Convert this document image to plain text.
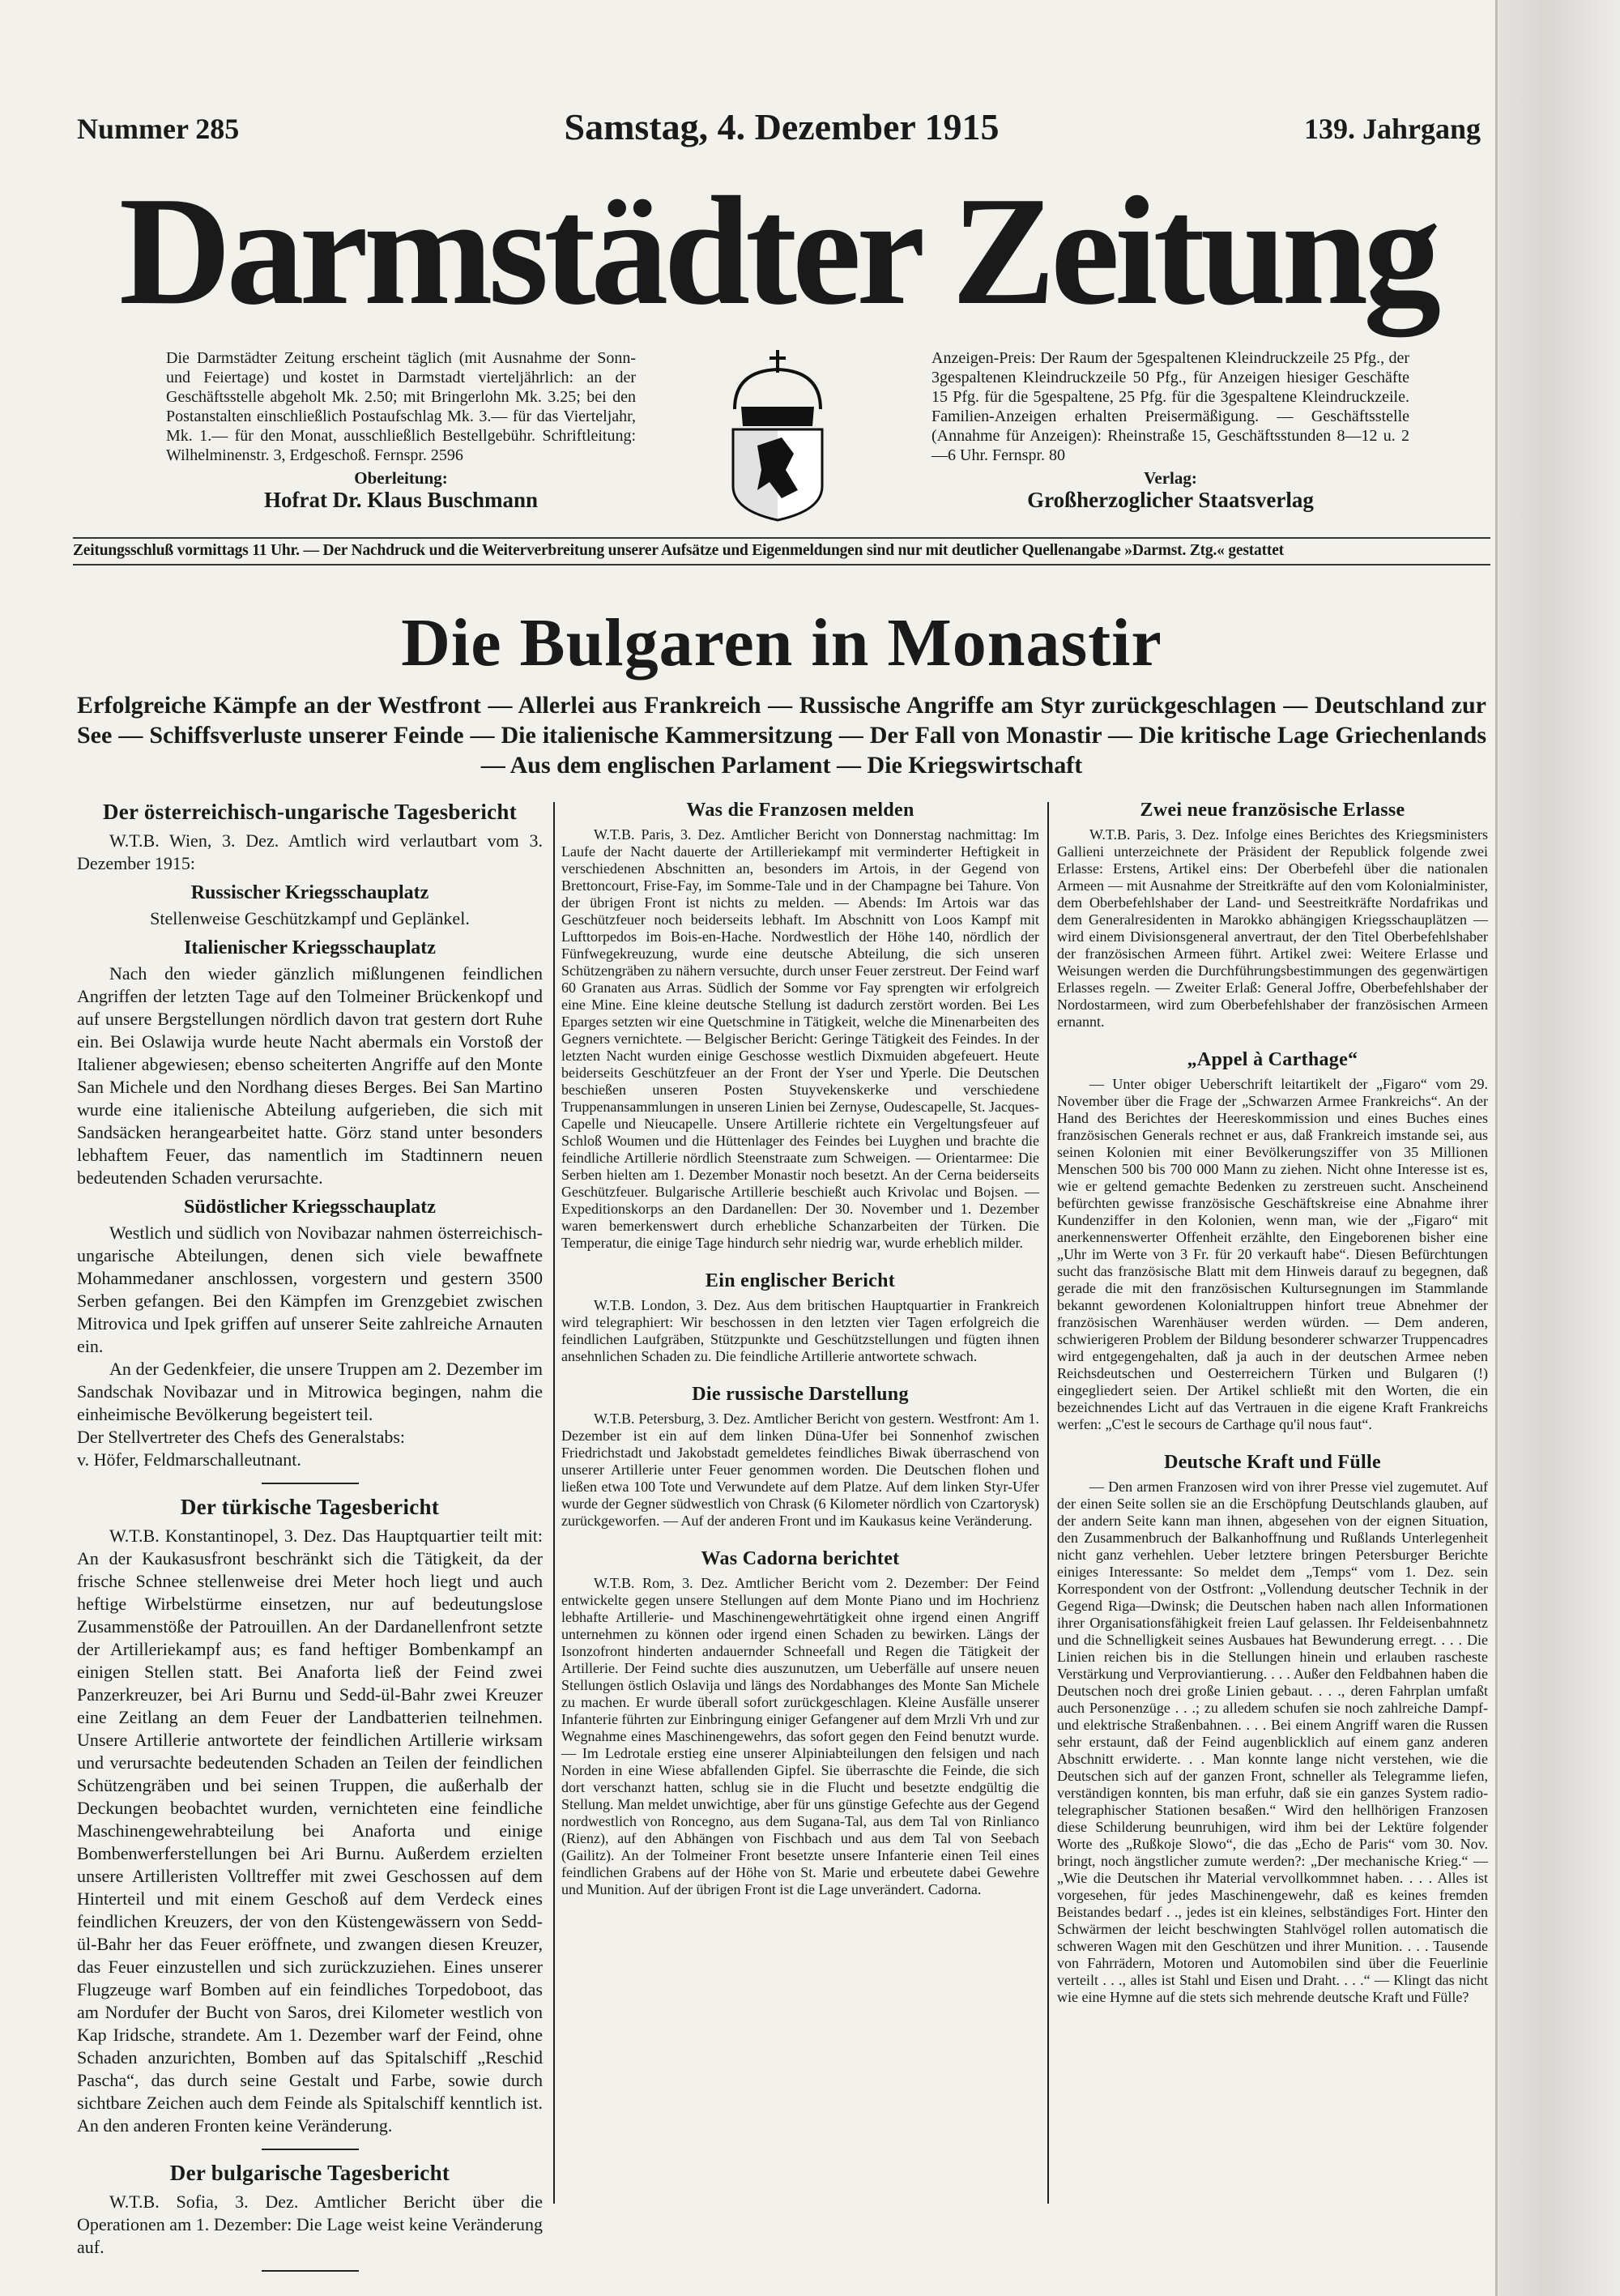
Nummer 285	Samstag, 4. Dezember 1915	139. Jahrgang
Darmstädter Zeitung
Die Darmstädter Zeitung erscheint täglich (mit Ausnahme der Sonn- und Feiertage) und kostet in Darmstadt vierteljährlich: an der Geschäftsstelle abgeholt Mk. 2.50; mit Bringerlohn Mk. 3.25; bei den Postanstalten einschließlich Postaufschlag Mk. 3.— für das Vierteljahr, Mk. 1.— für den Monat, ausschließlich Bestellgebühr. Schriftleitung: Wilhelminenstr. 3, Erdgeschoß. Fernspr. 2596
Oberleitung:
Hofrat Dr. Klaus Buschmann
Anzeigen-Preis: Der Raum der 5gespaltenen Kleindruckzeile 25 Pfg., der 3gespaltenen Kleindruckzeile 50 Pfg., für Anzeigen hiesiger Geschäfte 15 Pfg. für die 5gespaltene, 25 Pfg. für die 3gespaltene Kleindruckzeile. Familien-Anzeigen erhalten Preisermäßigung. — Geschäftsstelle (Annahme für Anzeigen): Rheinstraße 15, Geschäftsstunden 8—12 u. 2—6 Uhr. Fernspr. 80
Verlag:
Großherzoglicher Staatsverlag
Zeitungsschluß vormittags 11 Uhr. — Der Nachdruck und die Weiterverbreitung unserer Aufsätze und Eigenmeldungen sind nur mit deutlicher Quellenangabe »Darmst. Ztg.« gestattet
Die Bulgaren in Monastir
Erfolgreiche Kämpfe an der Westfront — Allerlei aus Frankreich — Russische Angriffe am Styr zurückgeschlagen — Deutschland zur See — Schiffsverluste unserer Feinde — Die italienische Kammersitzung — Der Fall von Monastir — Die kritische Lage Griechenlands — Aus dem englischen Parlament — Die Kriegswirtschaft
Der österreichisch-ungarische Tagesbericht

W.T.B. Wien, 3. Dez. Amtlich wird verlautbart vom 3. Dezember 1915:

Russischer Kriegsschauplatz

Stellenweise Geschützkampf und Geplänkel.

Italienischer Kriegsschauplatz

Nach den wieder gänzlich mißlungenen feindlichen Angriffen der letzten Tage auf den Tolmeiner Brückenkopf und auf unsere Bergstellungen nördlich davon trat gestern dort Ruhe ein. Bei Oslawija wurde heute Nacht abermals ein Vorstoß der Italiener abgewiesen; ebenso scheiterten Angriffe auf den Monte San Michele und den Nordhang dieses Berges. Bei San Martino wurde eine italienische Abteilung aufgerieben, die sich mit Sandsäcken herangearbeitet hatte. Görz stand unter besonders lebhaftem Feuer, das namentlich im Stadtinnern neuen bedeutenden Schaden verursachte.

Südöstlicher Kriegsschauplatz

Westlich und südlich von Novibazar nahmen österreichisch-ungarische Abteilungen, denen sich viele bewaffnete Mohammedaner anschlossen, vorgestern und gestern 3500 Serben gefangen. Bei den Kämpfen im Grenzgebiet zwischen Mitrovica und Ipek griffen auf unserer Seite zahlreiche Arnauten ein.

An der Gedenkfeier, die unsere Truppen am 2. Dezember im Sandschak Novibazar und in Mitrowica begingen, nahm die einheimische Bevölkerung begeistert teil.

Der Stellvertreter des Chefs des Generalstabs:

v. Höfer, Feldmarschalleutnant.

Der türkische Tagesbericht

W.T.B. Konstantinopel, 3. Dez. Das Hauptquartier teilt mit: An der Kaukasusfront beschränkt sich die Tätigkeit, da der frische Schnee stellenweise drei Meter hoch liegt und auch heftige Wirbelstürme einsetzen, nur auf bedeutungslose Zusammenstöße der Patrouillen. An der Dardanellenfront setzte der Artilleriekampf aus; es fand heftiger Bombenkampf an einigen Stellen statt. Bei Anaforta ließ der Feind zwei Panzerkreuzer, bei Ari Burnu und Sedd-ül-Bahr zwei Kreuzer eine Zeitlang an dem Feuer der Landbatterien teilnehmen. Unsere Artillerie antwortete der feindlichen Artillerie wirksam und verursachte bedeutenden Schaden an Teilen der feindlichen Schützengräben und bei seinen Truppen, die außerhalb der Deckungen beobachtet wurden, vernichteten eine feindliche Maschinengewehrabteilung bei Anaforta und einige Bombenwerferstellungen bei Ari Burnu. Außerdem erzielten unsere Artilleristen Volltreffer mit zwei Geschossen auf dem Hinterteil und mit einem Geschoß auf dem Verdeck eines feindlichen Kreuzers, der von den Küstengewässern von Sedd-ül-Bahr her das Feuer eröffnete, und zwangen diesen Kreuzer, das Feuer einzustellen und sich zurückzuziehen. Eines unserer Flugzeuge warf Bomben auf ein feindliches Torpedoboot, das am Nordufer der Bucht von Saros, drei Kilometer westlich von Kap Iridsche, strandete. Am 1. Dezember warf der Feind, ohne Schaden anzurichten, Bomben auf das Spitalschiff „Reschid Pascha“, das durch seine Gestalt und Farbe, sowie durch sichtbare Zeichen auch dem Feinde als Spitalschiff kenntlich ist. An den anderen Fronten keine Veränderung.

Der bulgarische Tagesbericht

W.T.B. Sofia, 3. Dez. Amtlicher Bericht über die Operationen am 1. Dezember: Die Lage weist keine Veränderung auf.

Was die Franzosen melden

W.T.B. Paris, 3. Dez. Amtlicher Bericht von Donnerstag nachmittag: Im Laufe der Nacht dauerte der Artilleriekampf mit verminderter Heftigkeit in verschiedenen Abschnitten an, besonders im Artois, in der Gegend von Brettoncourt, Frise-Fay, im Somme-Tale und in der Champagne bei Tahure. Von der übrigen Front ist nichts zu melden. — Abends: Im Artois war das Geschützfeuer noch beiderseits lebhaft. Im Abschnitt von Loos Kampf mit Lufttorpedos im Bois-en-Hache. Nordwestlich der Höhe 140, nördlich der Fünfwegekreuzung, wurde eine deutsche Abteilung, die sich unseren Schützengräben zu nähern versuchte, durch unser Feuer zerstreut. Der Feind warf 60 Granaten aus Arras. Südlich der Somme vor Fay sprengten wir erfolgreich eine Mine. Eine kleine deutsche Stellung ist dadurch zerstört worden. Bei Les Eparges setzten wir eine Quetschmine in Tätigkeit, welche die Minenarbeiten des Gegners vernichtete. — Belgischer Bericht: Geringe Tätigkeit des Feindes. In der letzten Nacht wurden einige Geschosse westlich Dixmuiden abgefeuert. Heute beiderseits Geschützfeuer an der Front der Yser und Yperle. Die Deutschen beschießen unseren Posten Stuyvekenskerke und verschiedene Truppenansammlungen in unseren Linien bei Zernyse, Oudescapelle, St. Jacques-Capelle und Nieucapelle. Unsere Artillerie richtete ein Vergeltungsfeuer auf Schloß Woumen und die Hüttenlager des Feindes bei Luyghen und brachte die feindliche Artillerie nördlich Steenstraate zum Schweigen. — Orientarmee: Die Serben hielten am 1. Dezember Monastir noch besetzt. An der Cerna beiderseits Geschützfeuer. Bulgarische Artillerie beschießt auch Krivolac und Bojsen. — Expeditionskorps an den Dardanellen: Der 30. November und 1. Dezember waren bemerkenswert durch erhebliche Schanzarbeiten der Türken. Die Temperatur, die einige Tage hindurch sehr niedrig war, wurde erheblich milder.

Ein englischer Bericht

W.T.B. London, 3. Dez. Aus dem britischen Hauptquartier in Frankreich wird telegraphiert: Wir beschossen in den letzten vier Tagen erfolgreich die feindlichen Laufgräben, Stützpunkte und Geschützstellungen und fügten ihnen ansehnlichen Schaden zu. Die feindliche Artillerie antwortete schwach.

Die russische Darstellung

W.T.B. Petersburg, 3. Dez. Amtlicher Bericht von gestern. Westfront: Am 1. Dezember ist ein auf dem linken Düna-Ufer bei Sonnenhof zwischen Friedrichstadt und Jakobstadt gemeldetes feindliches Biwak überraschend von unserer Artillerie unter Feuer genommen worden. Die Deutschen flohen und ließen etwa 100 Tote und Verwundete auf dem Platze. Auf dem linken Styr-Ufer wurde der Gegner südwestlich von Chrask (6 Kilometer nördlich von Czartorysk) zurückgeworfen. — Auf der anderen Front und im Kaukasus keine Veränderung.

Was Cadorna berichtet

W.T.B. Rom, 3. Dez. Amtlicher Bericht vom 2. Dezember: Der Feind entwickelte gegen unsere Stellungen auf dem Monte Piano und im Hochrienz lebhafte Artillerie- und Maschinengewehrtätigkeit ohne irgend einen Angriff unternehmen zu können oder irgend einen Schaden zu bewirken. Längs der Isonzofront hinderten andauernder Schneefall und Regen die Tätigkeit der Artillerie. Der Feind suchte dies auszunutzen, um Ueberfälle auf unsere neuen Stellungen östlich Oslavija und längs des Nordabhanges des Monte San Michele zu machen. Er wurde überall sofort zurückgeschlagen. Kleine Ausfälle unserer Infanterie führten zur Einbringung einiger Gefangener auf dem Mrzli Vrh und zur Wegnahme eines Maschinengewehrs, das sofort gegen den Feind benutzt wurde. — Im Ledrotale erstieg eine unserer Alpiniabteilungen den felsigen und nach Norden in eine Wiese abfallenden Gipfel. Sie überraschte die Feinde, die sich dort verschanzt hatten, schlug sie in die Flucht und besetzte endgültig die Stellung. Man meldet unwichtige, aber für uns günstige Gefechte aus der Gegend nordwestlich von Roncegno, aus dem Sugana-Tal, aus dem Tal von Rinlianco (Rienz), auf den Abhängen von Fischbach und aus dem Tal von Seebach (Gailitz). An der Tolmeiner Front besetzte unsere Infanterie einen Teil eines feindlichen Grabens auf der Höhe von St. Marie und erbeutete dabei Gewehre und Munition. Auf der übrigen Front ist die Lage unverändert. Cadorna.

Zwei neue französische Erlasse

W.T.B. Paris, 3. Dez. Infolge eines Berichtes des Kriegsministers Gallieni unterzeichnete der Präsident der Republick folgende zwei Erlasse: Erstens, Artikel eins: Der Oberbefehl über die nationalen Armeen — mit Ausnahme der Streitkräfte auf den vom Kolonialminister, dem Oberbefehlshaber der Land- und Seestreitkräfte Nordafrikas und dem Generalresidenten in Marokko abhängigen Kriegsschauplätzen — wird einem Divisionsgeneral anvertraut, der den Titel Oberbefehlshaber der französischen Armeen führt. Artikel zwei: Weitere Erlasse und Weisungen werden die Durchführungsbestimmungen des gegenwärtigen Erlasses regeln. — Zweiter Erlaß: General Joffre, Oberbefehlshaber der Nordostarmeen, wird zum Oberbefehlshaber der französischen Armeen ernannt.

„Appel à Carthage“

— Unter obiger Ueberschrift leitartikelt der „Figaro“ vom 29. November über die Frage der „Schwarzen Armee Frankreichs“. An der Hand des Berichtes der Heereskommission und eines Buches eines französischen Generals rechnet er aus, daß Frankreich imstande sei, aus seinen Kolonien mit einer Bevölkerungsziffer von 35 Millionen Menschen 500 bis 700 000 Mann zu ziehen. Nicht ohne Interesse ist es, wie er geltend gemachte Bedenken zu zerstreuen sucht. Anscheinend befürchten gewisse französische Geschäftskreise eine Abnahme ihrer Kundenziffer in den Kolonien, wenn man, wie der „Figaro“ mit anerkennenswerter Offenheit erzählte, den Eingeborenen bisher eine „Uhr im Werte von 3 Fr. für 20 verkauft habe“. Diesen Befürchtungen sucht das französische Blatt mit dem Hinweis darauf zu begegnen, daß gerade die mit den französischen Kultursegnungen im Stammlande bekannt gewordenen Kolonialtruppen hinfort treue Abnehmer der französischen Warenhäuser werden würden. — Dem anderen, schwierigeren Problem der Bildung besonderer schwarzer Truppencadres wird entgegengehalten, daß ja auch in der deutschen Armee neben Reichsdeutschen und Oesterreichern Türken und Bulgaren (!) eingegliedert seien. Der Artikel schließt mit den Worten, die ein bezeichnendes Licht auf das Vertrauen in die eigene Kraft Frankreichs werfen: „C'est le secours de Carthage qu'il nous faut“.

Deutsche Kraft und Fülle

— Den armen Franzosen wird von ihrer Presse viel zugemutet. Auf der einen Seite sollen sie an die Erschöpfung Deutschlands glauben, auf der andern Seite kann man ihnen, abgesehen von der eignen Situation, den Zusammenbruch der Balkanhoffnung und Rußlands Unterlegenheit nicht ganz verhehlen. Ueber letztere bringen Petersburger Berichte einiges Interessante: So meldet dem „Temps“ vom 1. Dez. sein Korrespondent von der Ostfront: „Vollendung deutscher Technik in der Gegend Riga—Dwinsk; die Deutschen haben nach allen Informationen ihrer Organisationsfähigkeit freien Lauf gelassen. Ihr Feldeisenbahnnetz und die Schnelligkeit seines Ausbaues hat Bewunderung erregt. . . . Die Linien reichen bis in die Stellungen hinein und erlauben rascheste Verstärkung und Verproviantierung. . . . Außer den Feldbahnen haben die Deutschen noch drei große Linien gebaut. . . ., deren Fahrplan umfaßt auch Personenzüge . . .; zu alledem schufen sie noch zahlreiche Dampf- und elektrische Straßenbahnen. . . . Bei einem Angriff waren die Russen sehr erstaunt, daß der Feind augenblicklich auf einem ganz anderen Abschnitt erwiderte. . . Man konnte lange nicht verstehen, wie die Deutschen sich auf der ganzen Front, schneller als Telegramme liefen, verständigen konnten, bis man erfuhr, daß sie ein ganzes System radio-telegraphischer Stationen besaßen.“ Wird den hellhörigen Franzosen diese Schilderung beunruhigen, wird ihm bei der Lektüre folgender Worte des „Rußkoje Slowo“, die das „Echo de Paris“ vom 30. Nov. bringt, noch ängstlicher zumute werden?: „Der mechanische Krieg.“ — „Wie die Deutschen ihr Material vervollkommnet haben. . . . Alles ist vorgesehen, für jedes Maschinengewehr, daß es keines fremden Beistandes bedarf . ., jedes ist ein kleines, selbständiges Fort. Hinter den Schwärmen der leicht beschwingten Stahlvögel rollen automatisch die schweren Wagen mit den Geschützen und ihrer Munition. . . . Tausende von Fahrrädern, Motoren und Automobilen sind über die Feuerlinie verteilt . . ., alles ist Stahl und Eisen und Draht. . . .“ — Klingt das nicht wie eine Hymne auf die stets sich mehrende deutsche Kraft und Fülle?
